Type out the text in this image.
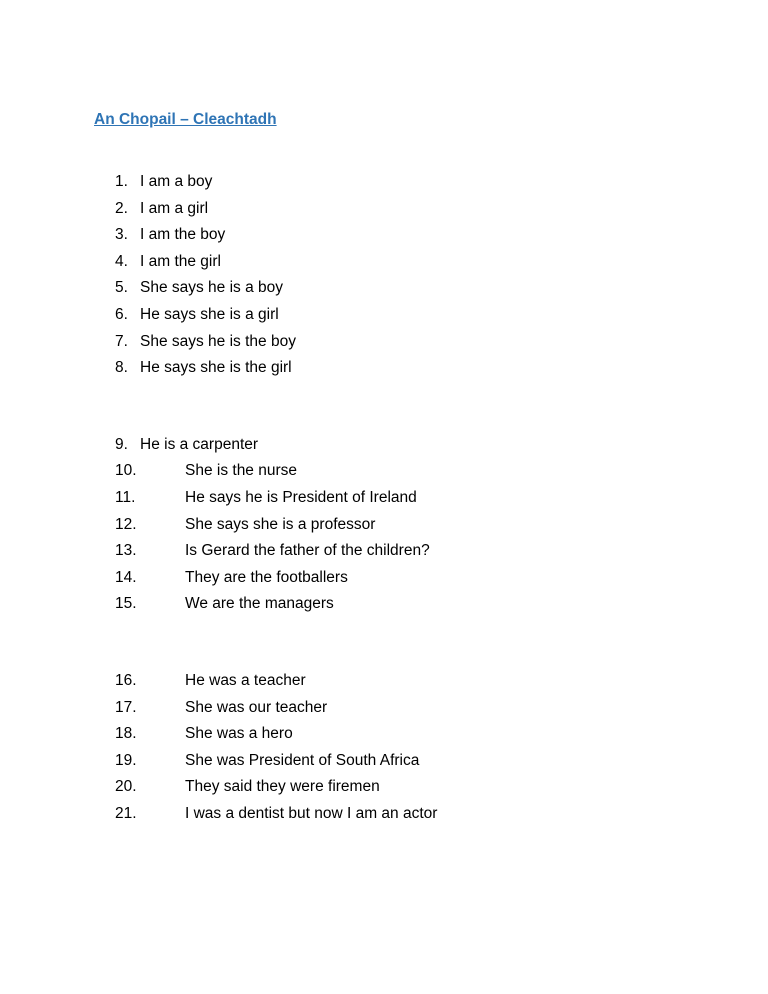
An Chopail – Cleachtadh
1. I am a boy
2. I am a girl
3. I am the boy
4. I am the girl
5. She says he is a boy
6. He says she is a girl
7. She says he is the boy
8. He says she is the girl
9. He is a carpenter
10.	She is the nurse
11.	He says he is President of Ireland
12.	She says she is a professor
13.	Is Gerard the father of the children?
14.	They are the footballers
15.	We are the managers
16.	He was a teacher
17.	She was our teacher
18.	She was a hero
19.	She was President of South Africa
20.	They said they were firemen
21.	I was a dentist but now I am an actor
